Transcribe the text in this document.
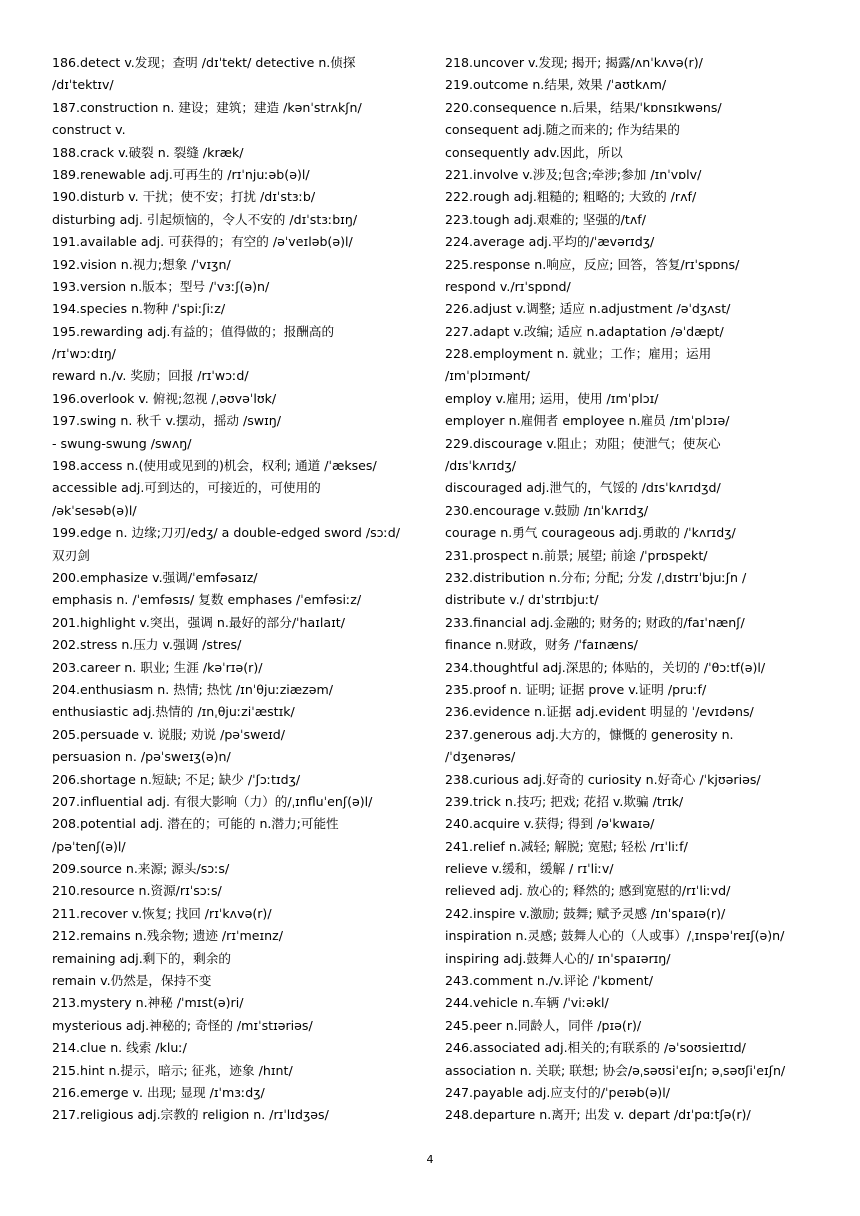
186.detect v.发现；查明 /dɪˈtekt/ detective n.侦探
/dɪˈtektɪv/
187.construction n. 建设；建筑；建造 /kənˈstrʌkʃn/
construct v.
188.crack v.破裂 n. 裂缝 /kræk/
189.renewable adj.可再生的 /rɪˈnjuːəb(ə)l/
190.disturb v. 干扰；使不安；打扰 /dɪˈstɜːb/
disturbing adj. 引起烦恼的，令人不安的 /dɪˈstɜːbɪŋ/
191.available adj. 可获得的；有空的 /əˈveɪləb(ə)l/
192.vision n.视力;想象 /ˈvɪʒn/
193.version n.版本；型号 /ˈvɜːʃ(ə)n/
194.species n.物种 /ˈspiːʃiːz/
195.rewarding adj.有益的；值得做的；报酬高的
/rɪˈwɔːdɪŋ/
reward n./v. 奖励；回报 /rɪˈwɔːd/
196.overlook v. 俯视;忽视 /ˌəʊvəˈlʊk/
197.swing n. 秋千 v.摆动，摇动 /swɪŋ/
- swung-swung /swʌŋ/
198.access n.(使用或见到的)机会，权利; 通道 /ˈækses/
accessible adj.可到达的，可接近的，可使用的
/əkˈsesəb(ə)l/
199.edge n. 边缘;刀刃/edʒ/ a double-edged sword /sɔːd/
双刃剑
200.emphasize v.强调/ˈemfəsaɪz/
emphasis n. /ˈemfəsɪs/ 复数 emphases /ˈemfəsiːz/
201.highlight v.突出，强调 n.最好的部分/ˈhaɪlaɪt/
202.stress n.压力 v.强调 /stres/
203.career n. 职业; 生涯 /kəˈrɪə(r)/
204.enthusiasm n. 热情; 热忱 /ɪnˈθjuːziæzəm/
enthusiastic adj.热情的 /ɪnˌθjuːziˈæstɪk/
205.persuade v. 说服; 劝说 /pəˈsweɪd/
persuasion n. /pəˈsweɪʒ(ə)n/
206.shortage n.短缺; 不足; 缺少 /ˈʃɔːtɪdʒ/
207.influential adj. 有很大影响（力）的/ˌɪnfluˈenʃ(ə)l/
208.potential adj. 潜在的；可能的 n.潜力;可能性
/pəˈtenʃ(ə)l/
209.source n.来源; 源头/sɔːs/
210.resource n.资源/rɪˈsɔːs/
211.recover v.恢复; 找回 /rɪˈkʌvə(r)/
212.remains n.残余物; 遗迹 /rɪˈmeɪnz/
remaining adj.剩下的，剩余的
remain v.仍然是，保持不变
213.mystery n.神秘 /ˈmɪst(ə)ri/
mysterious adj.神秘的; 奇怪的 /mɪˈstɪəriəs/
214.clue n. 线索 /kluː/
215.hint n.提示，暗示; 征兆，迹象 /hɪnt/
216.emerge v. 出现; 显现 /ɪˈmɜːdʒ/
217.religious adj.宗教的 religion n. /rɪˈlɪdʒəs/
218.uncover v.发现; 揭开; 揭露/ʌnˈkʌvə(r)/
219.outcome n.结果, 效果 /ˈaʊtkʌm/
220.consequence n.后果，结果/ˈkɒnsɪkwəns/
consequent adj.随之而来的; 作为结果的
consequently adv.因此，所以
221.involve v.涉及;包含;牵涉;参加 /ɪnˈvɒlv/
222.rough adj.粗糙的; 粗略的; 大致的 /rʌf/
223.tough adj.艰难的; 坚强的/tʌf/
224.average adj.平均的/ˈævərɪdʒ/
225.response n.响应，反应; 回答，答复/rɪˈspɒns/
respond v./rɪˈspɒnd/
226.adjust v.调整; 适应 n.adjustment /əˈdʒʌst/
227.adapt v.改编; 适应 n.adaptation /əˈdæpt/
228.employment n. 就业；工作；雇用；运用
/ɪmˈplɔɪmənt/
employ v.雇用; 运用，使用 /ɪmˈplɔɪ/
employer n.雇佣者 employee n.雇员 /ɪmˈplɔɪə/
229.discourage v.阻止；劝阻；使泄气；使灰心
/dɪsˈkʌrɪdʒ/
discouraged adj.泄气的，气馁的 /dɪsˈkʌrɪdʒd/
230.encourage v.鼓励 /ɪnˈkʌrɪdʒ/
courage n.勇气 courageous adj.勇敢的 /ˈkʌrɪdʒ/
231.prospect n.前景; 展望; 前途 /ˈprɒspekt/
232.distribution n.分布; 分配; 分发 /ˌdɪstrɪˈbjuːʃn /
distribute v./ dɪˈstrɪbjuːt/
233.financial adj.金融的; 财务的; 财政的/faɪˈnænʃ/
finance n.财政，财务 /ˈfaɪnæns/
234.thoughtful adj.深思的; 体贴的，关切的 /ˈθɔːtf(ə)l/
235.proof n. 证明; 证据 prove v.证明 /pruːf/
236.evidence n.证据 adj.evident 明显的 ˈ/evɪdəns/
237.generous adj.大方的，慷慨的 generosity n.
/ˈdʒenərəs/
238.curious adj.好奇的 curiosity n.好奇心 /ˈkjʊəriəs/
239.trick n.技巧; 把戏; 花招 v.欺骗 /trɪk/
240.acquire v.获得; 得到 /əˈkwaɪə/
241.relief n.减轻; 解脱; 宽慰; 轻松 /rɪˈliːf/
relieve v.缓和，缓解 / rɪˈliːv/
relieved adj. 放心的; 释然的; 感到宽慰的/rɪˈliːvd/
242.inspire v.激励; 鼓舞; 赋予灵感 /ɪnˈspaɪə(r)/
inspiration n.灵感; 鼓舞人心的（人或事）/ˌɪnspəˈreɪʃ(ə)n/
inspiring adj.鼓舞人心的/ ɪnˈspaɪərɪŋ/
243.comment n./v.评论 /ˈkɒment/
244.vehicle n.车辆 /ˈviːəkl/
245.peer n.同龄人，同伴 /pɪə(r)/
246.associated adj.相关的;有联系的 /əˈsoʊsieɪtɪd/
association n. 关联; 联想; 协会/əˌsəʊsiˈeɪʃn; əˌsəʊʃiˈeɪʃn/
247.payable adj.应支付的/ˈpeɪəb(ə)l/
248.departure n.离开; 出发 v. depart /dɪˈpɑːtʃə(r)/
4
